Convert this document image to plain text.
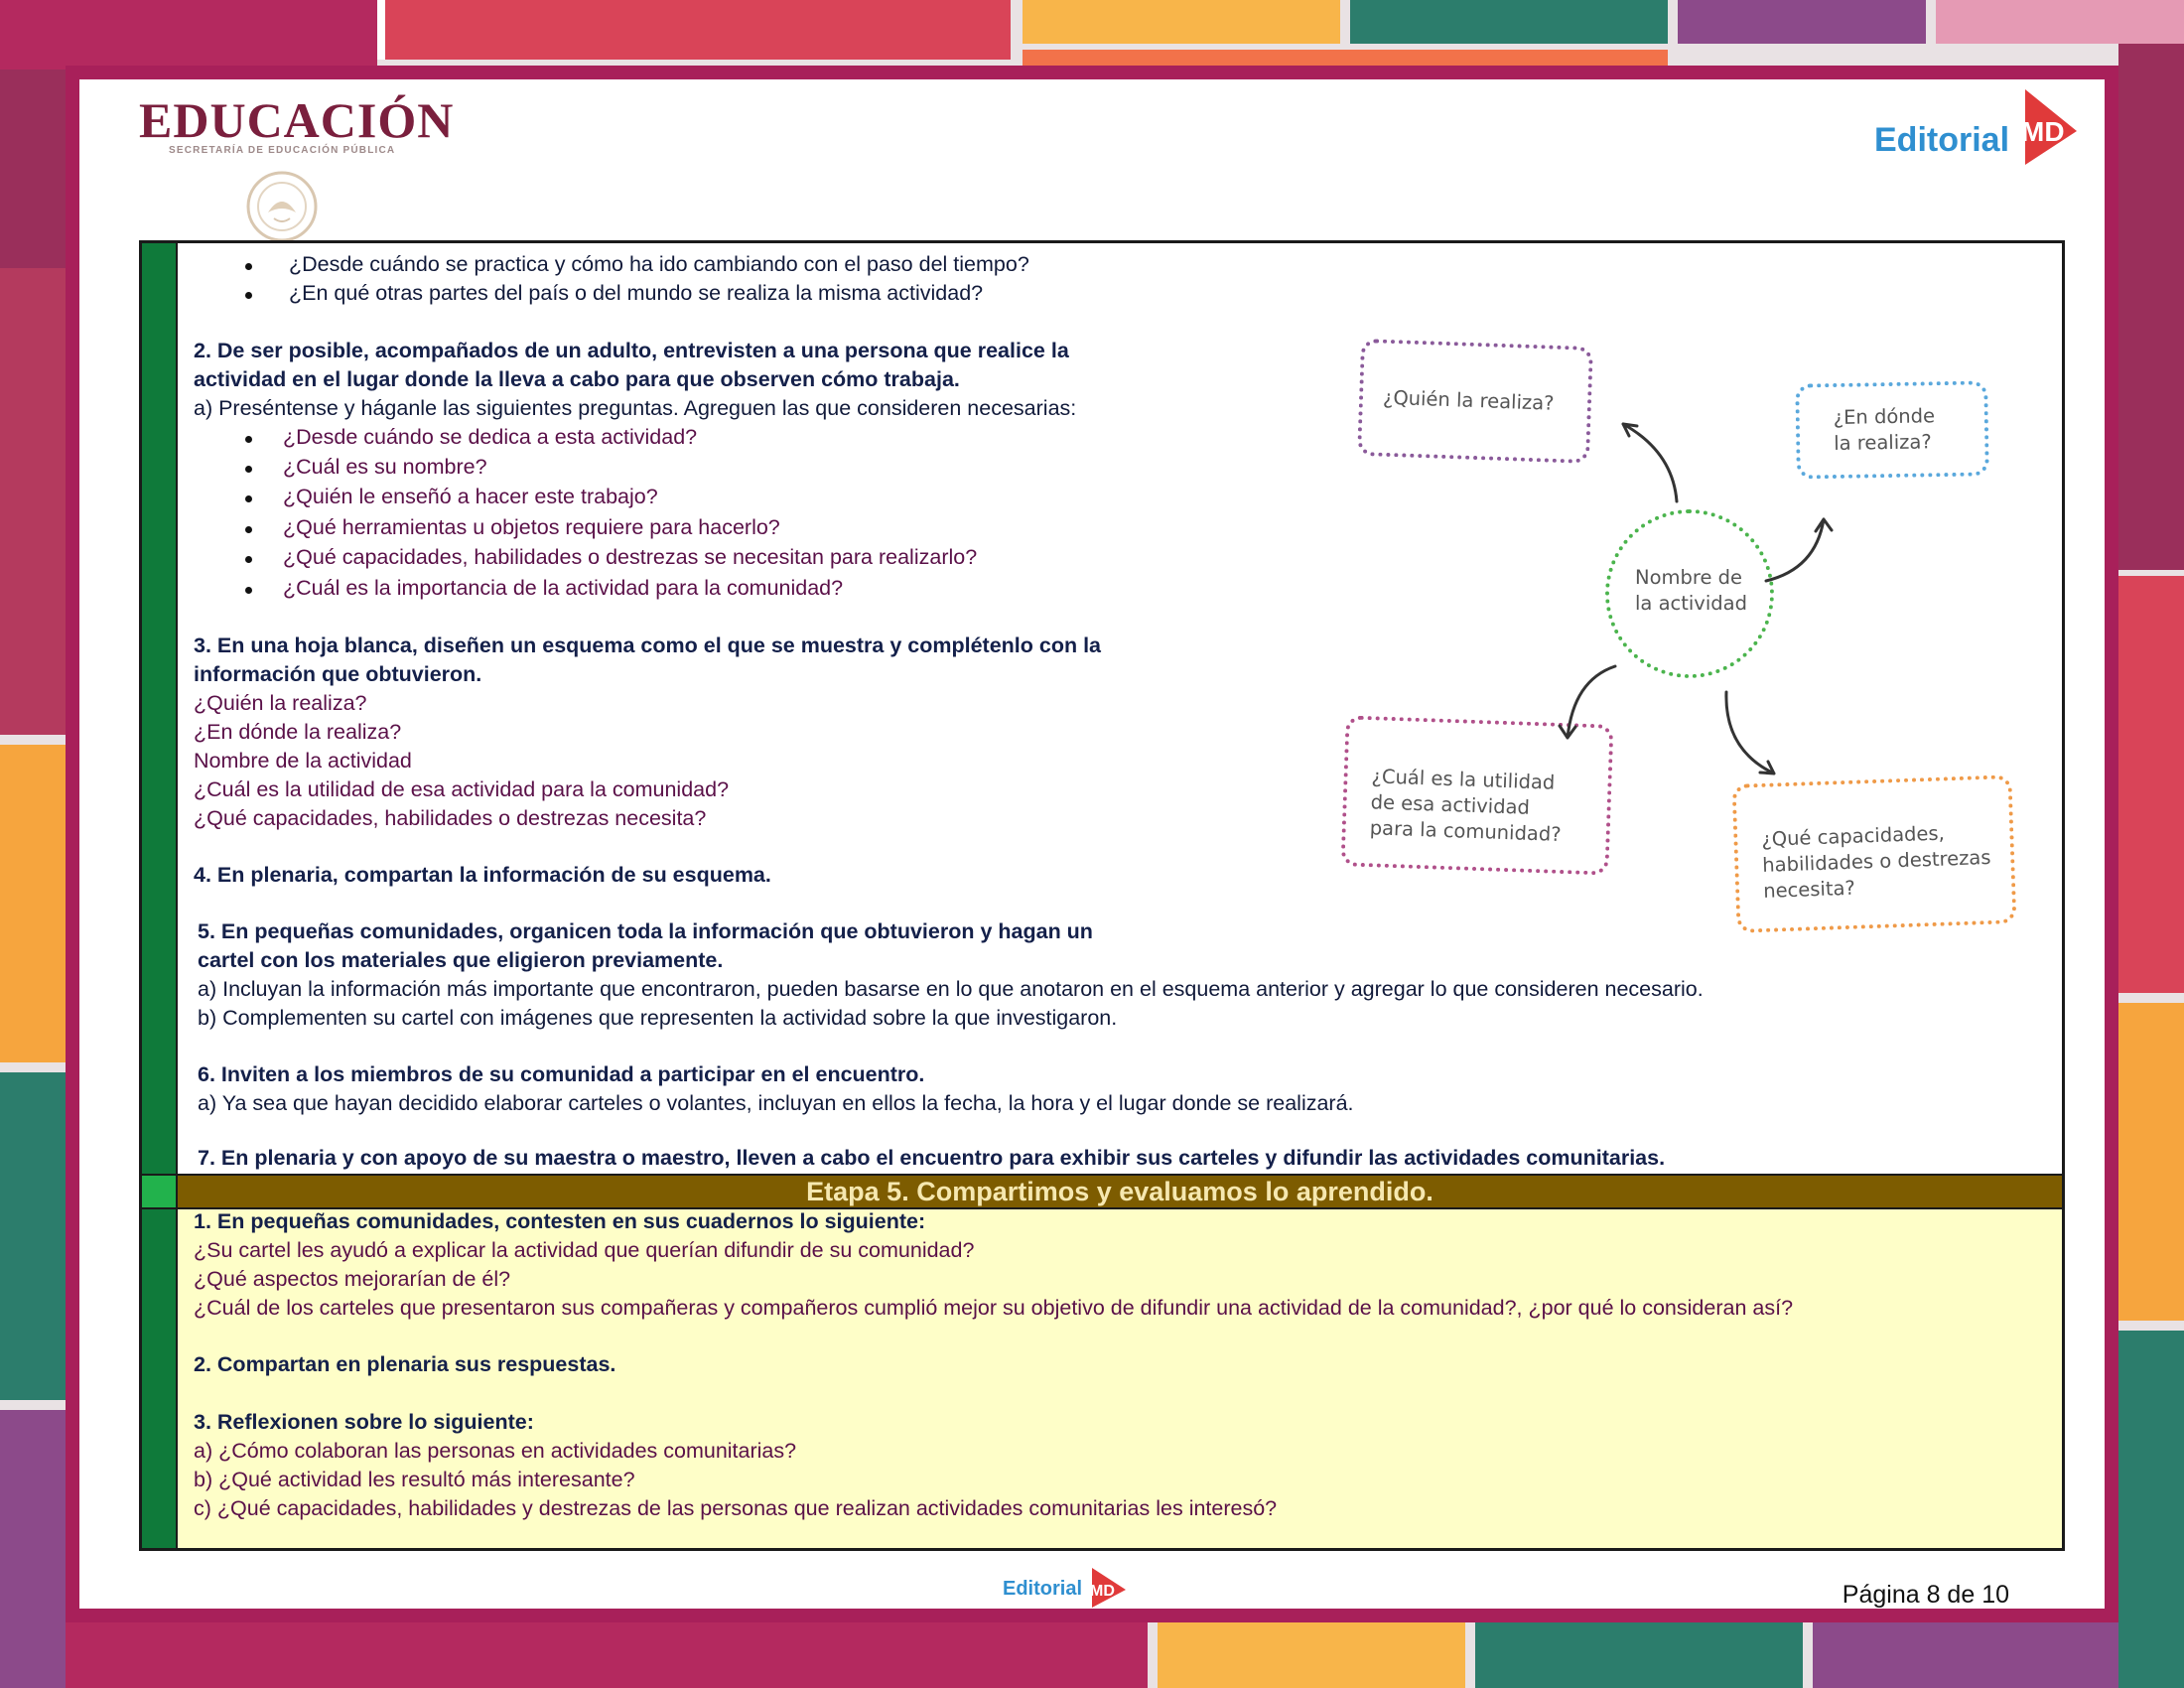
EDUCACIÓN
SECRETARÍA DE EDUCACIÓN PÚBLICA	Editorial MD
¿Desde cuándo se practica y cómo ha ido cambiando con el paso del tiempo?
¿En qué otras partes del país o del mundo se realiza la misma actividad?
2. De ser posible, acompañados de un adulto, entrevisten a una persona que realice la
actividad en el lugar donde la lleva a cabo para que observen cómo trabaja.
a) Preséntense y háganle las siguientes preguntas. Agreguen las que consideren necesarias:
¿Desde cuándo se dedica a esta actividad?
¿Cuál es su nombre?
¿Quién le enseñó a hacer este trabajo?
¿Qué herramientas u objetos requiere para hacerlo?
¿Qué capacidades, habilidades o destrezas se necesitan para realizarlo?
¿Cuál es la importancia de la actividad para la comunidad?
3. En una hoja blanca, diseñen un esquema como el que se muestra y complétenlo con la
información que obtuvieron.
¿Quién la realiza?
¿En dónde la realiza?
Nombre de la actividad
¿Cuál es la utilidad de esa actividad para la comunidad?
¿Qué capacidades, habilidades o destrezas necesita?
4. En plenaria, compartan la información de su esquema.
5. En pequeñas comunidades, organicen toda la información que obtuvieron y hagan un
cartel con los materiales que eligieron previamente.
a) Incluyan la información más importante que encontraron, pueden basarse en lo que anotaron en el esquema anterior y agregar lo que consideren necesario.
b) Complementen su cartel con imágenes que representen la actividad sobre la que investigaron.
6. Inviten a los miembros de su comunidad a participar en el encuentro.
a) Ya sea que hayan decidido elaborar carteles o volantes, incluyan en ellos la fecha, la hora y el lugar donde se realizará.
7. En plenaria y con apoyo de su maestra o maestro, lleven a cabo el encuentro para exhibir sus carteles y difundir las actividades comunitarias.
¿Quién la realiza?
¿En dónde
la realiza?
Nombre de
la actividad
¿Cuál es la utilidad
de esa actividad
para la comunidad?	¿Qué capacidades,
habilidades o destrezas
necesita?
Etapa 5. Compartimos y evaluamos lo aprendido.
1. En pequeñas comunidades, contesten en sus cuadernos lo siguiente:
¿Su cartel les ayudó a explicar la actividad que querían difundir de su comunidad?
¿Qué aspectos mejorarían de él?
¿Cuál de los carteles que presentaron sus compañeras y compañeros cumplió mejor su objetivo de difundir una actividad de la comunidad?, ¿por qué lo consideran así?
2. Compartan en plenaria sus respuestas.
3. Reflexionen sobre lo siguiente:
a) ¿Cómo colaboran las personas en actividades comunitarias?
b) ¿Qué actividad les resultó más interesante?
c) ¿Qué capacidades, habilidades y destrezas de las personas que realizan actividades comunitarias les interesó?
Editorial MD	Página 8 de 10
